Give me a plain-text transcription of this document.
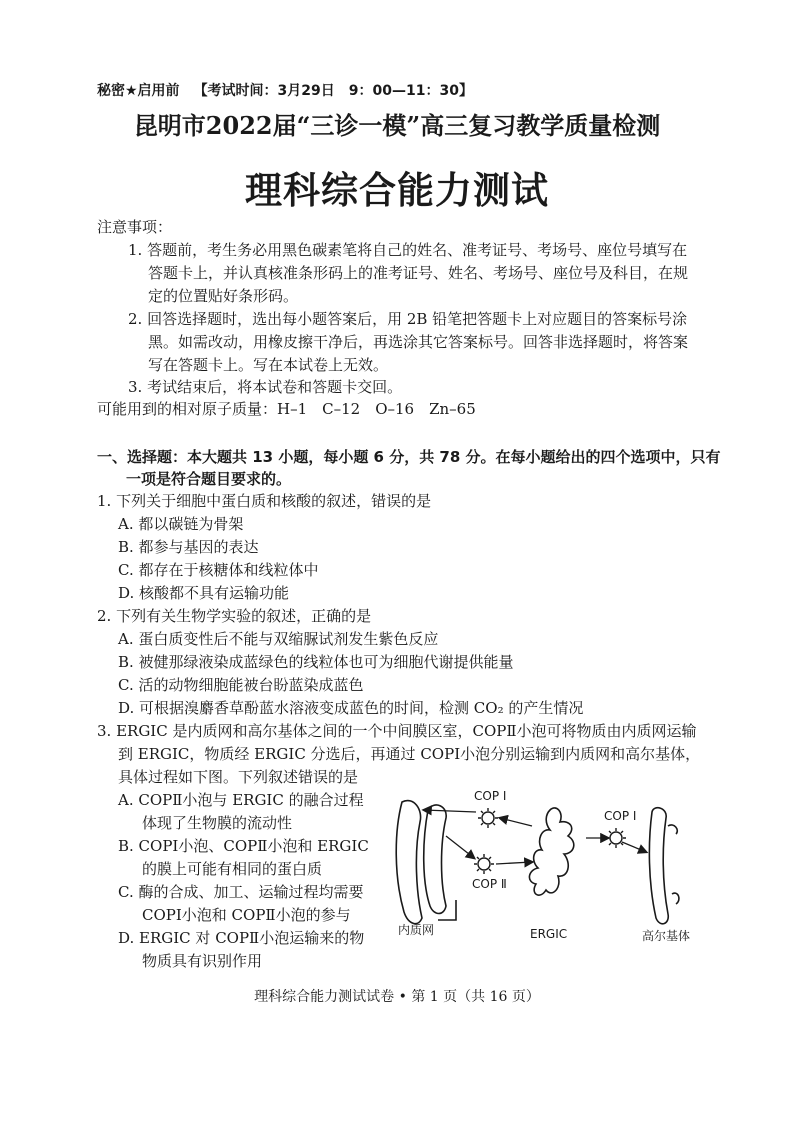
秘密★启用前 【考试时间：3月29日　9：00—11：30】
昆明市2022届“三诊一模”高三复习教学质量检测
理科综合能力测试
注意事项：
1. 答题前，考生务必用黑色碳素笔将自己的姓名、准考证号、考场号、座位号填写在
答题卡上，并认真核准条形码上的准考证号、姓名、考场号、座位号及科目，在规
定的位置贴好条形码。
2. 回答选择题时，选出每小题答案后，用 2B 铅笔把答题卡上对应题目的答案标号涂
黑。如需改动，用橡皮擦干净后，再选涂其它答案标号。回答非选择题时，将答案
写在答题卡上。写在本试卷上无效。
3. 考试结束后，将本试卷和答题卡交回。
可能用到的相对原子质量：H–1　C–12　O–16　Zn–65
一、选择题：本大题共 13 小题，每小题 6 分，共 78 分。在每小题给出的四个选项中，只有
一项是符合题目要求的。
1. 下列关于细胞中蛋白质和核酸的叙述，错误的是
A. 都以碳链为骨架
B. 都参与基因的表达
C. 都存在于核糖体和线粒体中
D. 核酸都不具有运输功能
2. 下列有关生物学实验的叙述，正确的是
A. 蛋白质变性后不能与双缩脲试剂发生紫色反应
B. 被健那绿液染成蓝绿色的线粒体也可为细胞代谢提供能量
C. 活的动物细胞能被台盼蓝染成蓝色
D. 可根据溴麝香草酚蓝水溶液变成蓝色的时间，检测 CO₂ 的产生情况
3. ERGIC 是内质网和高尔基体之间的一个中间膜区室，COPⅡ小泡可将物质由内质网运输
到 ERGIC，物质经 ERGIC 分选后，再通过 COPⅠ小泡分别运输到内质网和高尔基体，
具体过程如下图。下列叙述错误的是
A. COPⅡ小泡与 ERGIC 的融合过程
体现了生物膜的流动性
B. COPⅠ小泡、COPⅡ小泡和 ERGIC
的膜上可能有相同的蛋白质
C. 酶的合成、加工、运输过程均需要
COPⅠ小泡和 COPⅡ小泡的参与
D. ERGIC 对 COPⅡ小泡运输来的物
物质具有识别作用
内质网
COP Ⅰ
COP Ⅱ
ERGIC
COP Ⅰ
高尔基体
理科综合能力测试试卷 • 第 1 页（共 16 页）
